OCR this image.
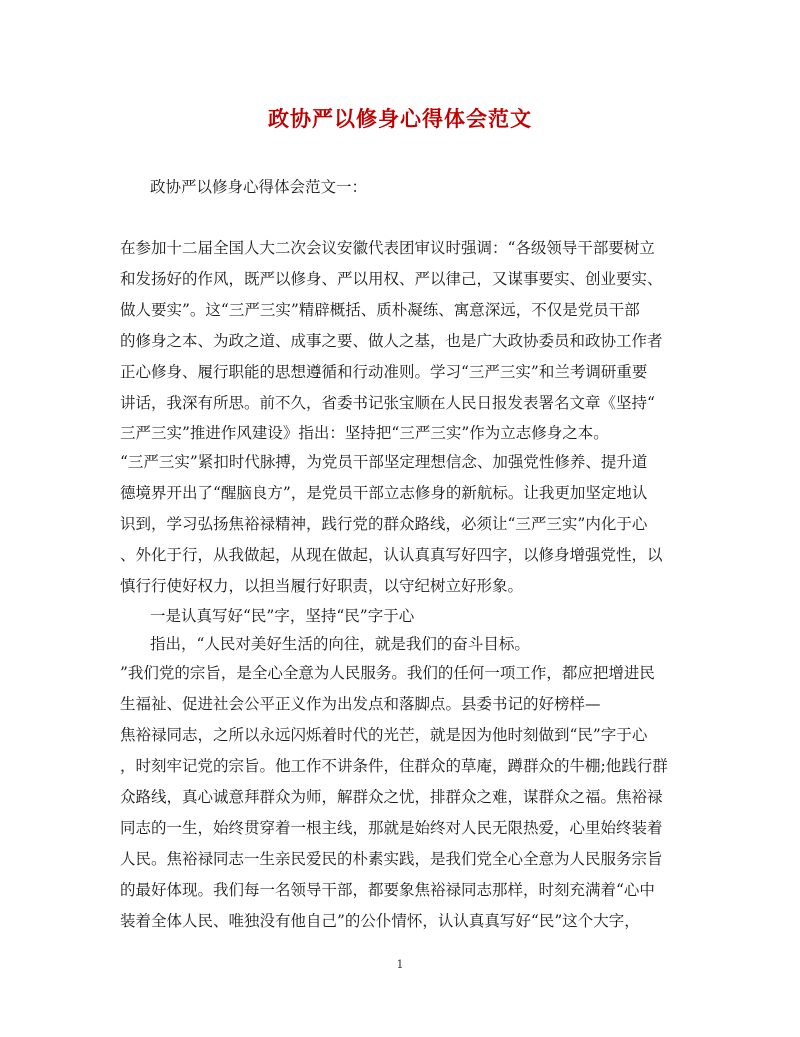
政协严以修身心得体会范文
政协严以修身心得体会范文一：
在参加十二届全国人大二次会议安徽代表团审议时强调：“各级领导干部要树立
和发扬好的作风，既严以修身、严以用权、严以律己，又谋事要实、创业要实、
做人要实”。这“三严三实”精辟概括、质朴凝练、寓意深远，不仅是党员干部
的修身之本、为政之道、成事之要、做人之基，也是广大政协委员和政协工作者
正心修身、履行职能的思想遵循和行动准则。学习“三严三实”和兰考调研重要
讲话，我深有所思。前不久，省委书记张宝顺在人民日报发表署名文章《坚持“
三严三实”推进作风建设》指出：坚持把“三严三实”作为立志修身之本。
“三严三实”紧扣时代脉搏，为党员干部坚定理想信念、加强党性修养、提升道
德境界开出了“醒脑良方”，是党员干部立志修身的新航标。让我更加坚定地认
识到，学习弘扬焦裕禄精神，践行党的群众路线，必须让“三严三实”内化于心
、外化于行，从我做起，从现在做起，认认真真写好四字，以修身增强党性，以
慎行行使好权力，以担当履行好职责，以守纪树立好形象。
一是认真写好“民”字，坚持“民”字于心
指出，“人民对美好生活的向往，就是我们的奋斗目标。
”我们党的宗旨，是全心全意为人民服务。我们的任何一项工作，都应把增进民
生福祉、促进社会公平正义作为出发点和落脚点。县委书记的好榜样—
焦裕禄同志，之所以永远闪烁着时代的光芒，就是因为他时刻做到“民”字于心
，时刻牢记党的宗旨。他工作不讲条件，住群众的草庵，蹲群众的牛棚;他践行群
众路线，真心诚意拜群众为师，解群众之忧，排群众之难，谋群众之福。焦裕禄
同志的一生，始终贯穿着一根主线，那就是始终对人民无限热爱，心里始终装着
人民。焦裕禄同志一生亲民爱民的朴素实践，是我们党全心全意为人民服务宗旨
的最好体现。我们每一名领导干部，都要象焦裕禄同志那样，时刻充满着“心中
装着全体人民、唯独没有他自己”的公仆情怀，认认真真写好“民”这个大字，
1
